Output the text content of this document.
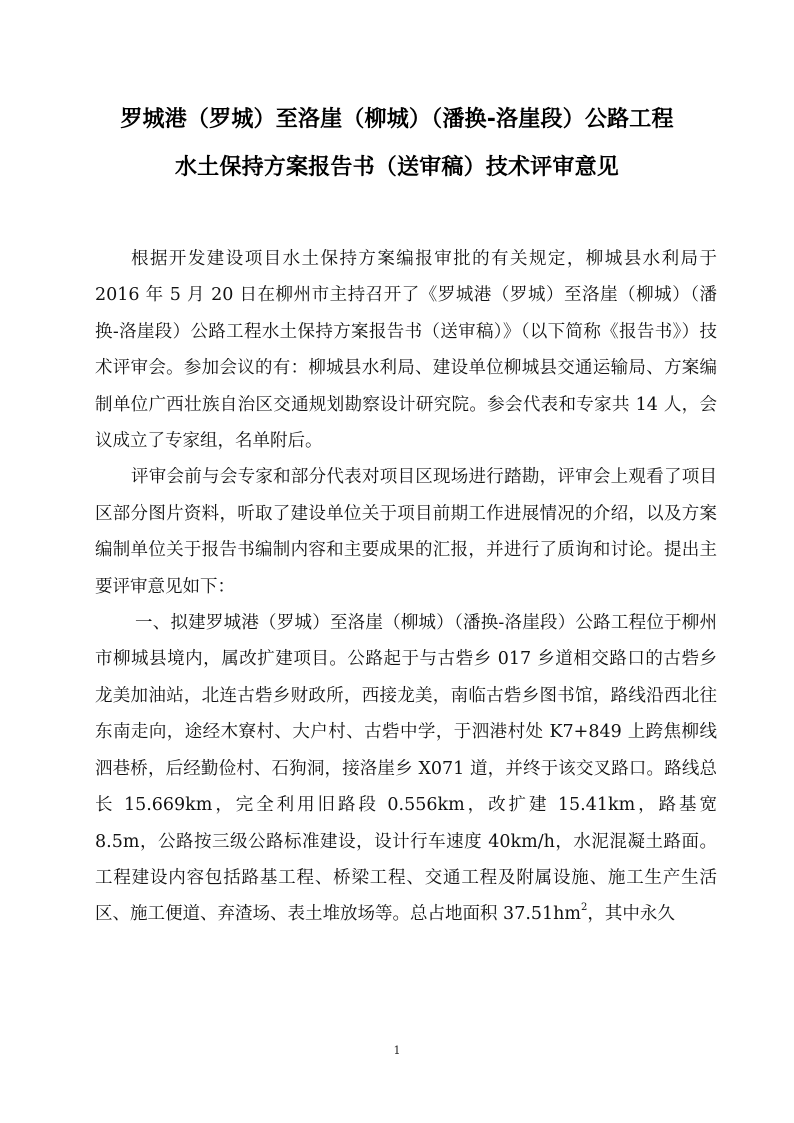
罗城港（罗城）至洛崖（柳城）（潘换-洛崖段）公路工程
水土保持方案报告书（送审稿）技术评审意见

根据开发建设项目水土保持方案编报审批的有关规定，柳城县水利局于2016 年 5 月 20 日在柳州市主持召开了《罗城港（罗城）至洛崖（柳城）（潘换-洛崖段）公路工程水土保持方案报告书（送审稿）》（以下简称《报告书》）技术评审会。参加会议的有：柳城县水利局、建设单位柳城县交通运输局、方案编制单位广西壮族自治区交通规划勘察设计研究院。参会代表和专家共 14 人，会议成立了专家组，名单附后。

评审会前与会专家和部分代表对项目区现场进行踏勘，评审会上观看了项目区部分图片资料，听取了建设单位关于项目前期工作进展情况的介绍，以及方案编制单位关于报告书编制内容和主要成果的汇报，并进行了质询和讨论。提出主要评审意见如下：

一、拟建罗城港（罗城）至洛崖（柳城）（潘换-洛崖段）公路工程位于柳州市柳城县境内，属改扩建项目。公路起于与古砦乡 017 乡道相交路口的古砦乡龙美加油站，北连古砦乡财政所，西接龙美，南临古砦乡图书馆，路线沿西北往东南走向，途经木寮村、大户村、古砦中学，于泗港村处 K7+849 上跨焦柳线泗巷桥，后经勤俭村、石狗洞，接洛崖乡 X071 道，并终于该交叉路口。路线总长 15.669km，完全利用旧路段 0.556km，改扩建 15.41km，路基宽 8.5m，公路按三级公路标准建设，设计行车速度 40km/h，水泥混凝土路面。工程建设内容包括路基工程、桥梁工程、交通工程及附属设施、施工生产生活区、施工便道、弃渣场、表土堆放场等。总占地面积 $37.51hm^2$，其中永久

1
